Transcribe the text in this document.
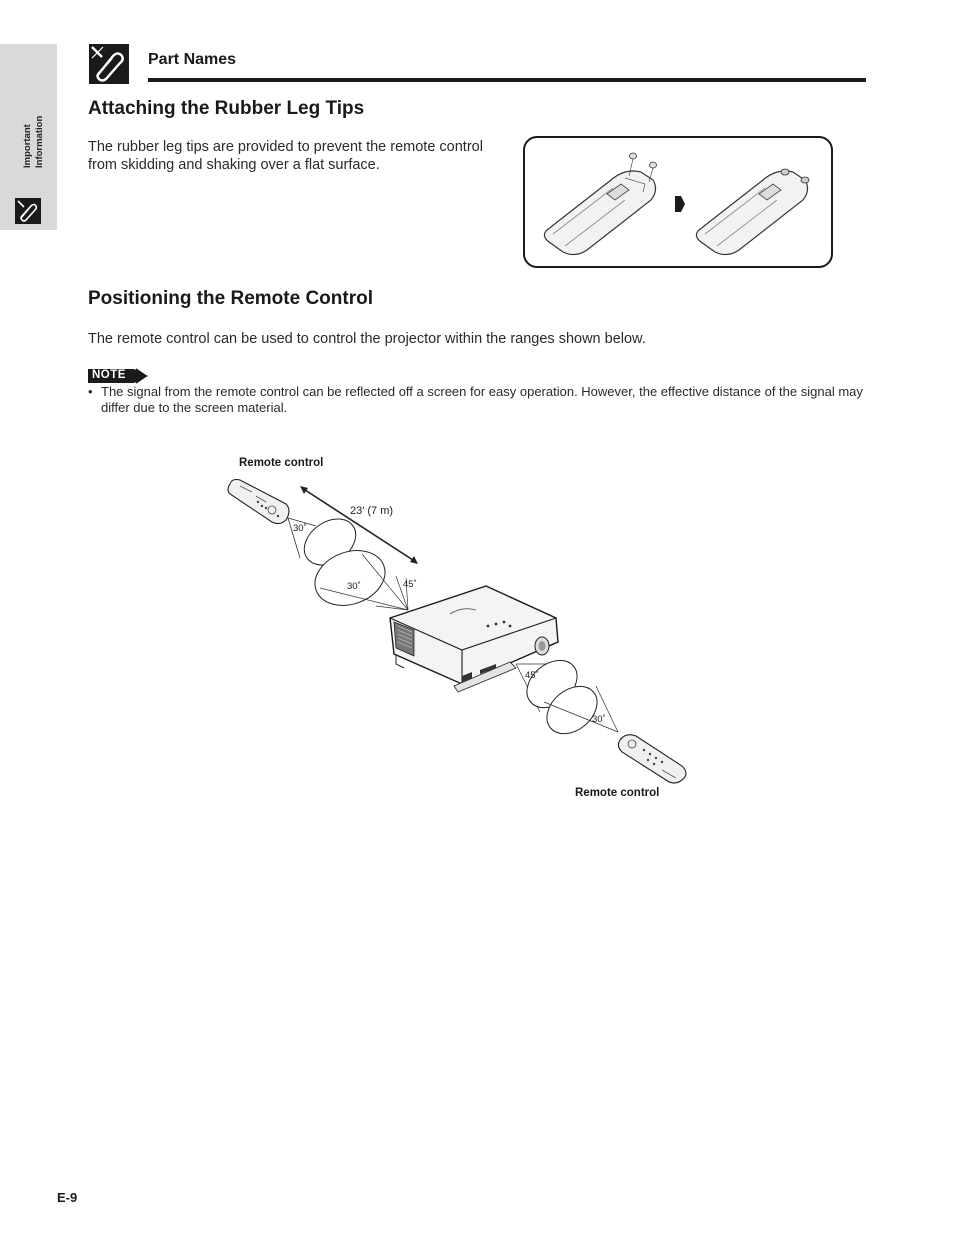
Important Information
Part Names
Attaching the Rubber Leg Tips

The rubber leg tips are provided to prevent the remote control from skidding and shaking over a flat surface.

Positioning the Remote Control

The remote control can be used to control the projector within the ranges shown below.

NOTE
• The signal from the remote control can be reflected off a screen for easy operation. However, the effective distance of the signal may differ due to the screen material.
Remote control
30˚
23′ (7 m)
30˚	45˚
45˚
30˚
Remote control
E-9
